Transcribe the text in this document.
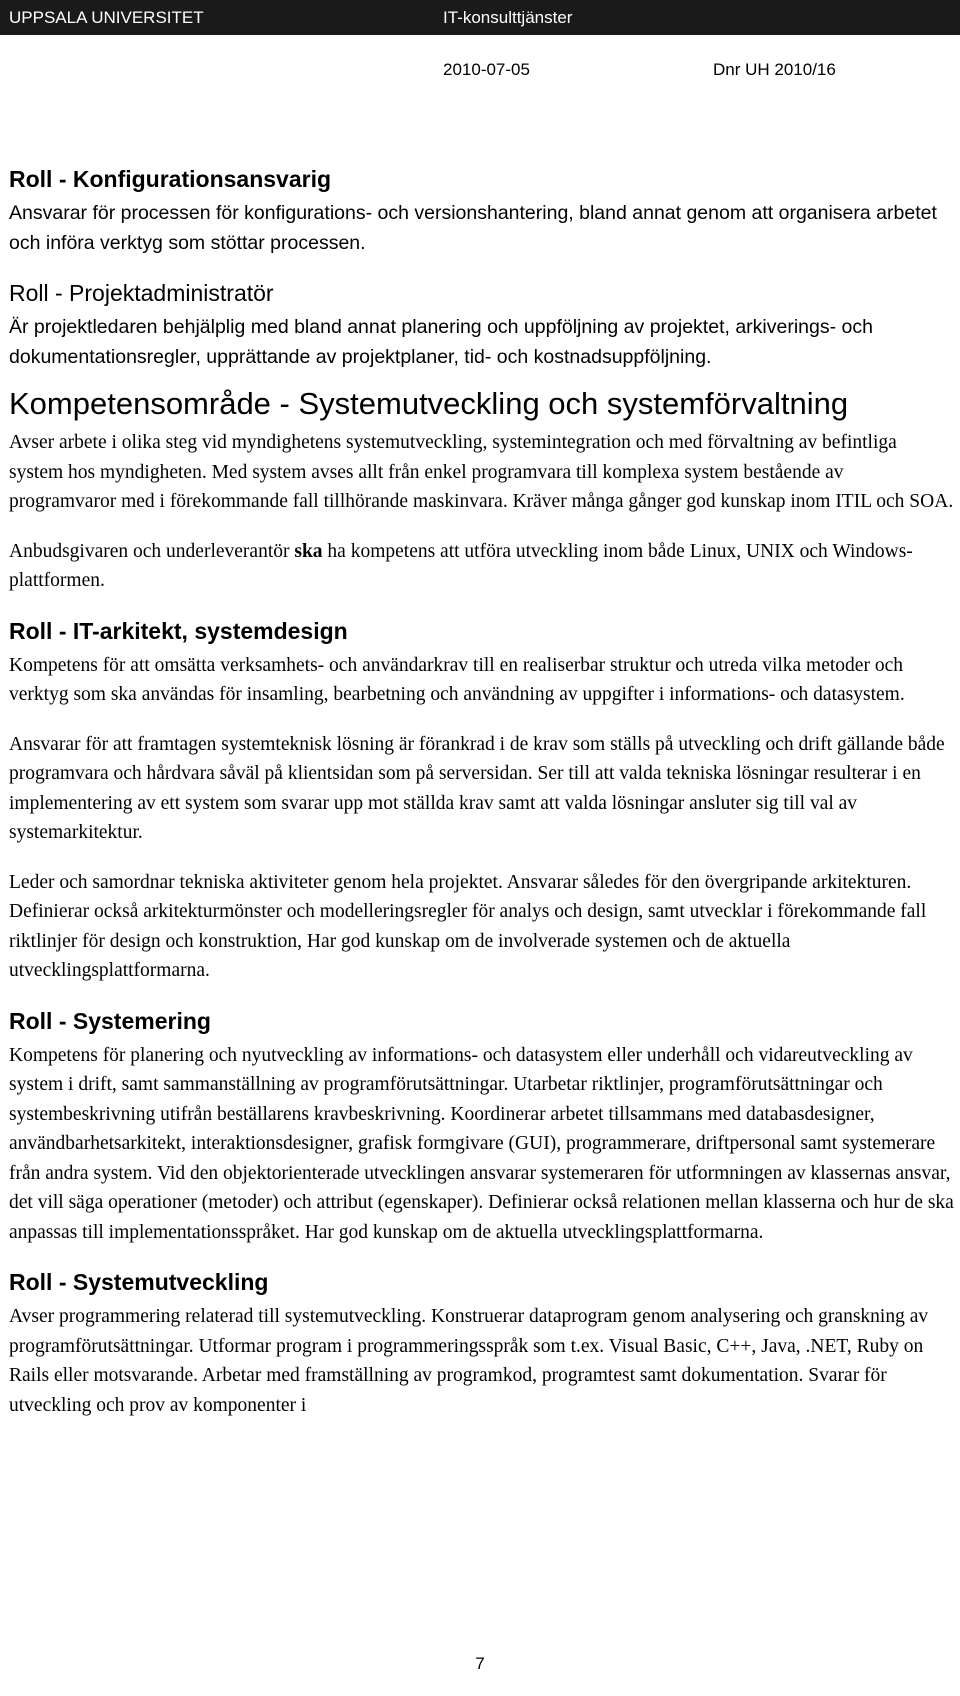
UPPSALA UNIVERSITET	IT-konsulttjänster
2010-07-05	Dnr UH 2010/16
Roll - Konfigurationsansvarig

Ansvarar för processen för konfigurations- och versionshantering, bland annat genom att organisera arbetet och införa verktyg som stöttar processen.

Roll - Projektadministratör

Är projektledaren behjälplig med bland annat planering och uppföljning av projektet, arkiverings- och dokumentationsregler, upprättande av projektplaner, tid- och kostnadsuppföljning.

Kompetensområde - Systemutveckling och systemförvaltning

Avser arbete i olika steg vid myndighetens systemutveckling, systemintegration och med förvaltning av befintliga system hos myndigheten. Med system avses allt från enkel programvara till komplexa system bestående av programvaror med i förekommande fall tillhörande maskinvara. Kräver många gånger god kunskap inom ITIL och SOA.

Anbudsgivaren och underleverantör ska ha kompetens att utföra utveckling inom både Linux, UNIX och Windows-plattformen.

Roll - IT-arkitekt, systemdesign

Kompetens för att omsätta verksamhets- och användarkrav till en realiserbar struktur och utreda vilka metoder och verktyg som ska användas för insamling, bearbetning och användning av uppgifter i informations- och datasystem.

Ansvarar för att framtagen systemteknisk lösning är förankrad i de krav som ställs på utveckling och drift gällande både programvara och hårdvara såväl på klientsidan som på serversidan. Ser till att valda tekniska lösningar resulterar i en implementering av ett system som svarar upp mot ställda krav samt att valda lösningar ansluter sig till val av systemarkitektur.

Leder och samordnar tekniska aktiviteter genom hela projektet. Ansvarar således för den övergripande arkitekturen. Definierar också arkitekturmönster och modelleringsregler för analys och design, samt utvecklar i förekommande fall riktlinjer för design och konstruktion, Har god kunskap om de involverade systemen och de aktuella utvecklingsplattformarna.

Roll - Systemering

Kompetens för planering och nyutveckling av informations- och datasystem eller underhåll och vidareutveckling av system i drift, samt sammanställning av programförutsättningar. Utarbetar riktlinjer, programförutsättningar och systembeskrivning utifrån beställarens kravbeskrivning. Koordinerar arbetet tillsammans med databasdesigner, användbarhetsarkitekt, interaktionsdesigner, grafisk formgivare (GUI), programmerare, driftpersonal samt systemerare från andra system. Vid den objektorienterade utvecklingen ansvarar systemeraren för utformningen av klassernas ansvar, det vill säga operationer (metoder) och attribut (egenskaper). Definierar också relationen mellan klasserna och hur de ska anpassas till implementationsspråket. Har god kunskap om de aktuella utvecklingsplattformarna.

Roll - Systemutveckling

Avser programmering relaterad till systemutveckling. Konstruerar dataprogram genom analysering och granskning av programförutsättningar. Utformar program i programmeringsspråk som t.ex. Visual Basic, C++, Java, .NET, Ruby on Rails eller motsvarande. Arbetar med framställning av programkod, programtest samt dokumentation. Svarar för utveckling och prov av komponenter i

7
